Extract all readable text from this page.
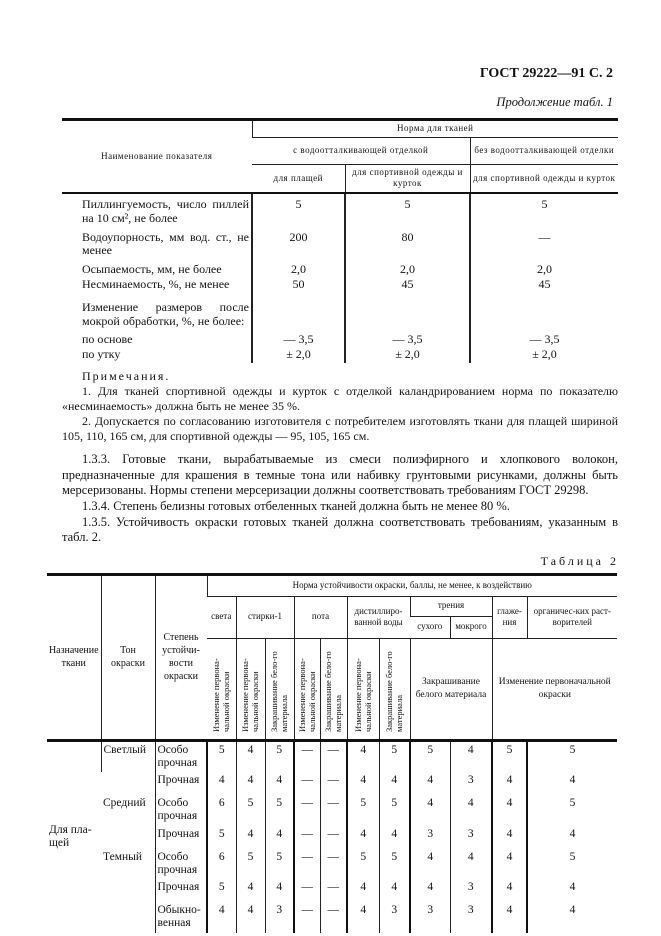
ГОСТ 29222—91 С. 2
Продолжение табл. 1
Наименование показателя	Норма для тканей		
	с водоотталкивающей отделкой		без водоотталкивающей отделки
	для плащей	для спортивной одежды и курток	для спортивной одежды и курток
Пиллингуемость, число пиллей на 10 см², не более	5	5	5
Водоупорность, мм вод. ст., не менее	200	80	—
Осыпаемость, мм, не более	2,0	2,0	2,0
Несминаемость, %, не менее	50	45	45
Изменение размеров после мокрой обработки, %, не более:			
по основе	— 3,5	— 3,5	— 3,5
по утку	± 2,0	± 2,0	± 2,0
Примечания.
1. Для тканей спортивной одежды и курток с отделкой каландрированием норма по показателю «несминаемость» должна быть не менее 35 %.
2. Допускается по согласованию изготовителя с потребителем изготовлять ткани для плащей шириной 105, 110, 165 см, для спортивной одежды — 95, 105, 165 см.
1.3.3. Готовые ткани, вырабатываемые из смеси полиэфирного и хлопкового волокон, предназначенные для крашения в темные тона или набивку грунтовыми рисунками, должны быть мерсеризованы. Нормы степени мерсеризации должны соответствовать требованиям ГОСТ 29298.
1.3.4. Степень белизны готовых отбеленных тканей должна быть не менее 80 %.
1.3.5. Устойчивость окраски готовых тканей должна соответствовать требованиям, указанным в табл. 2.
Таблица 2
Назначение ткани	Тон окраски	Степень устойчи-вости окраски	Норма устойчивости окраски, баллы, не менее, к воздействию										
			света	стирки-1		пота		дистиллиро-ванной воды		трения		глаже-ния	органичес-ких раст-ворителей
										сухого	мокрого		
			Изменение первона-чальной окраски	Изменение первона-чальной окраски	Закрашивание бело-го материала	Изменение первона-чальной окраски	Закрашивание бело-го материала	Изменение первона-чальной окраски	Закрашивание бело-го материала	Закрашивание белого материала		Изменение первоначальной окраски	
Для пла-щей	Светлый	Особо прочная	5	4	5	—	—	4	5	5	4	5	5
		Прочная	4	4	4	—	—	4	4	4	3	4	4
	Средний	Особо прочная	6	5	5	—	—	5	5	4	4	4	5
		Прочная	5	4	4	—	—	4	4	3	3	4	4
	Темный	Особо прочная	6	5	5	—	—	5	5	4	4	4	5
		Прочная	5	4	4	—	—	4	4	4	3	4	4
		Обыкно-венная	4	4	3	—	—	4	3	3	3	4	4
